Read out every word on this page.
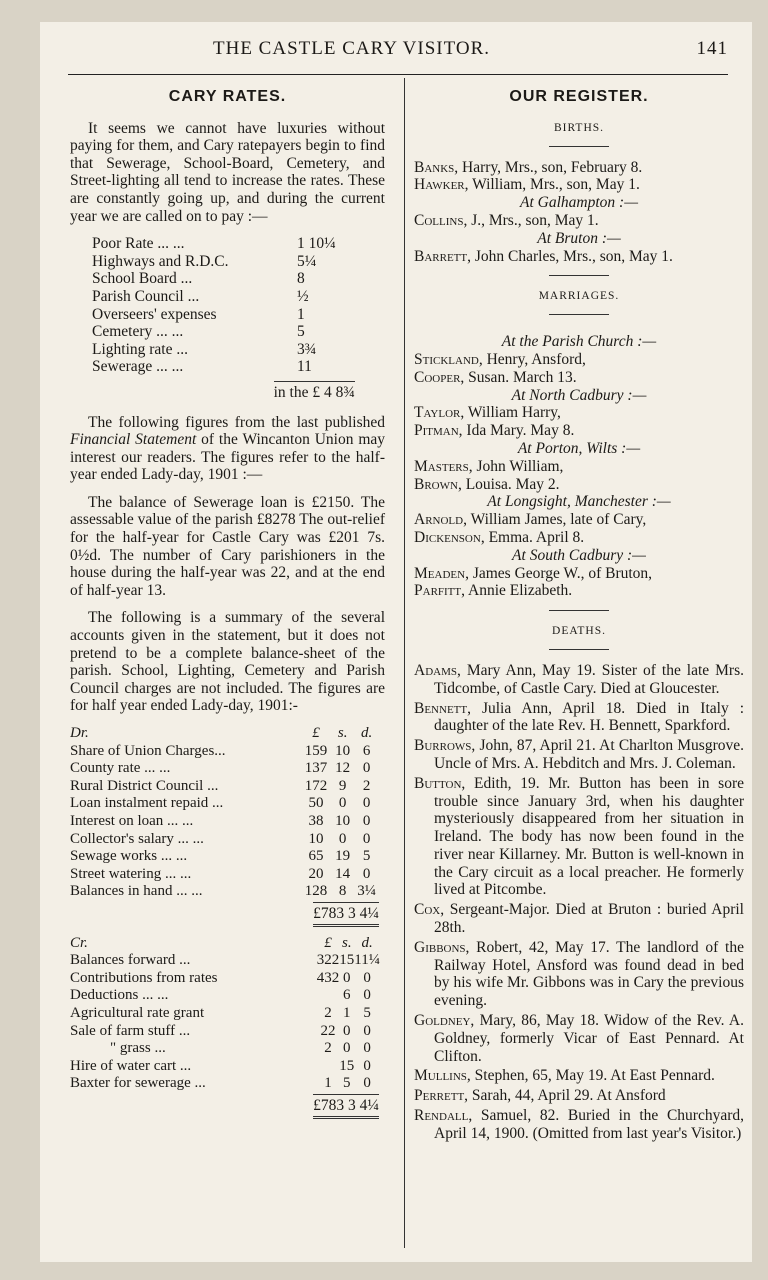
THE CASTLE CARY VISITOR.	141
CARY RATES.

It seems we cannot have luxuries without paying for them, and Cary ratepayers begin to find that Sewerage, School-Board, Cemetery, and Street-lighting all tend to increase the rates. These are constantly going up, and during the current year we are called on to pay :—

Poor Rate ... ...	1 10¼
Highways and R.D.C.	5¼
School Board ...	8
Parish Council ...	½
Overseers' expenses	1
Cemetery ... ...	5
Lighting rate ...	3¾
Sewerage ... ...	11
in the £ 4 8¾

The following figures from the last published Financial Statement of the Wincanton Union may interest our readers. The figures refer to the half-year ended Lady-day, 1901 :—

The balance of Sewerage loan is £2150. The assessable value of the parish £8278 The out-relief for the half-year for Castle Cary was £201 7s. 0½d. The number of Cary parishioners in the house during the half-year was 22, and at the end of half-year 13.

The following is a summary of the several accounts given in the statement, but it does not pretend to be a complete balance-sheet of the parish. School, Lighting, Cemetery and Parish Council charges are not included. The figures are for half year ended Lady-day, 1901:-

Dr.	£	s.	d.
Share of Union Charges...	159	10	6
County rate ... ...	137	12	0
Rural District Council ...	172	9	2
Loan instalment repaid ...	50	0	0
Interest on loan ... ...	38	10	0
Collector's salary ... ...	10	0	0
Sewage works ... ...	65	19	5
Street watering ... ...	20	14	0
Balances in hand ... ...	128	8	3¼
£783 3 4¼
Cr.	£	s.	d.
Balances forward ...	322	15	11¼
Contributions from rates	432	0	0
Deductions ... ...		6	0
Agricultural rate grant	2	1	5
Sale of farm stuff ...	22	0	0
" grass ...	2	0	0
Hire of water cart ...		15	0
Baxter for sewerage ...	1	5	0
£783 3 4¼
OUR REGISTER.
BIRTHS.
Banks, Harry, Mrs., son, February 8.
Hawker, William, Mrs., son, May 1.
At Galhampton :—
Collins, J., Mrs., son, May 1.
At Bruton :—
Barrett, John Charles, Mrs., son, May 1.
MARRIAGES.
At the Parish Church :—
Stickland, Henry, Ansford,
Cooper, Susan. March 13.
At North Cadbury :—
Taylor, William Harry,
Pitman, Ida Mary. May 8.
At Porton, Wilts :—
Masters, John William,
Brown, Louisa. May 2.
At Longsight, Manchester :—
Arnold, William James, late of Cary,
Dickenson, Emma. April 8.
At South Cadbury :—
Meaden, James George W., of Bruton,
Parfitt, Annie Elizabeth.
DEATHS.
Adams, Mary Ann, May 19. Sister of the late Mrs. Tidcombe, of Castle Cary. Died at Gloucester.
Bennett, Julia Ann, April 18. Died in Italy : daughter of the late Rev. H. Bennett, Sparkford.
Burrows, John, 87, April 21. At Charlton Musgrove. Uncle of Mrs. A. Hebditch and Mrs. J. Coleman.
Button, Edith, 19. Mr. Button has been in sore trouble since January 3rd, when his daughter mysteriously disappeared from her situation in Ireland. The body has now been found in the river near Killarney. Mr. Button is well-known in the Cary circuit as a local preacher. He formerly lived at Pitcombe.
Cox, Sergeant-Major. Died at Bruton : buried April 28th.
Gibbons, Robert, 42, May 17. The landlord of the Railway Hotel, Ansford was found dead in bed by his wife Mr. Gibbons was in Cary the previous evening.
Goldney, Mary, 86, May 18. Widow of the Rev. A. Goldney, formerly Vicar of East Pennard. At Clifton.
Mullins, Stephen, 65, May 19. At East Pennard.
Perrett, Sarah, 44, April 29. At Ansford
Rendall, Samuel, 82. Buried in the Churchyard, April 14, 1900. (Omitted from last year's Visitor.)
